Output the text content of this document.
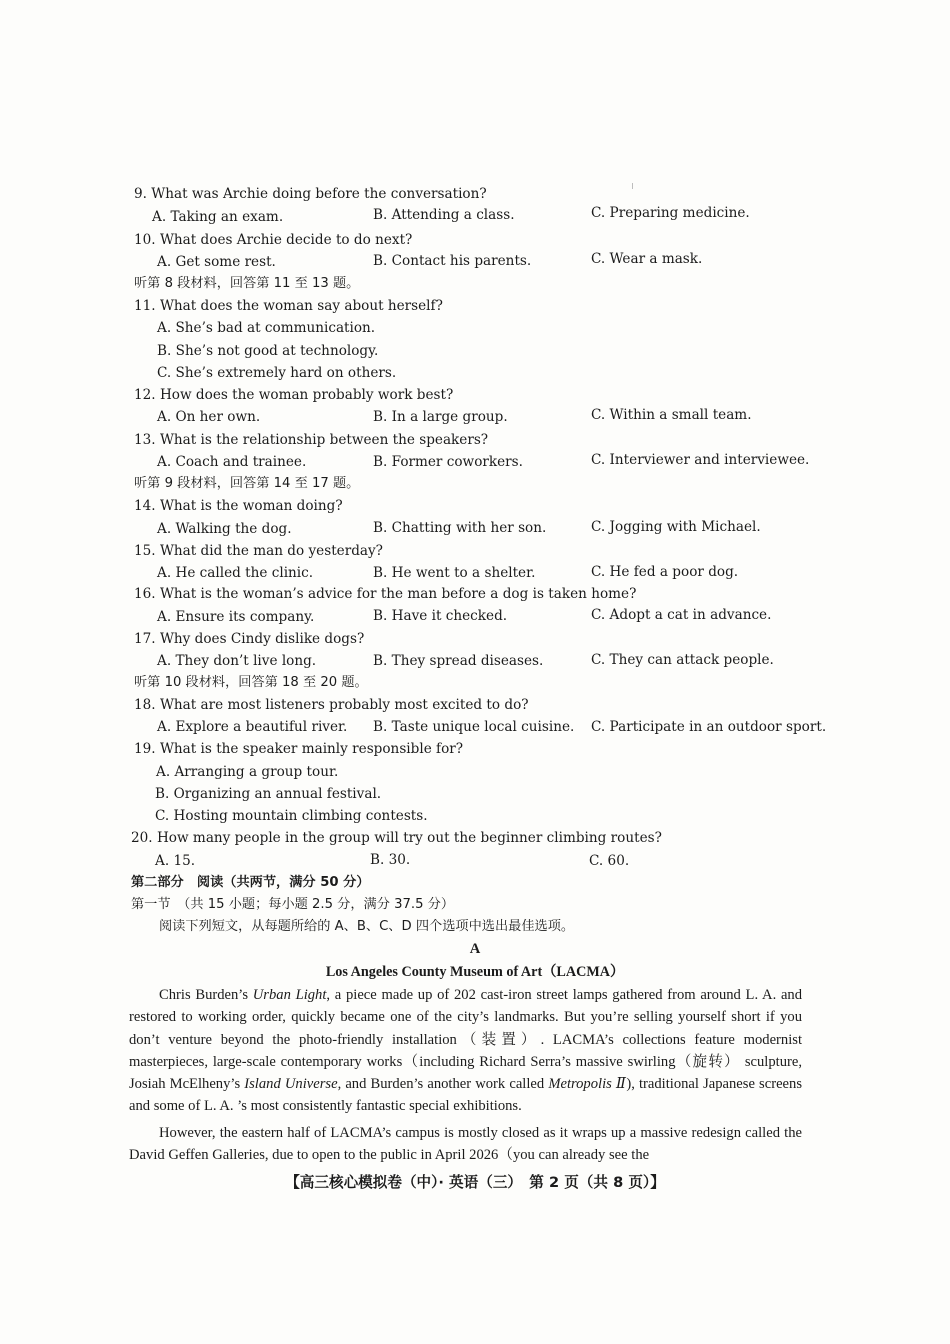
9. What was Archie doing before the conversation?
A. Taking an exam.	B. Attending a class.	C. Preparing medicine.
10. What does Archie decide to do next?
A. Get some rest.	B. Contact his parents.	C. Wear a mask.
听第 8 段材料，回答第 11 至 13 题。
11. What does the woman say about herself?
A. She’s bad at communication.
B. She’s not good at technology.
C. She’s extremely hard on others.
12. How does the woman probably work best?
A. On her own.	B. In a large group.	C. Within a small team.
13. What is the relationship between the speakers?
A. Coach and trainee.	B. Former coworkers.	C. Interviewer and interviewee.
听第 9 段材料，回答第 14 至 17 题。
14. What is the woman doing?
A. Walking the dog.	B. Chatting with her son.	C. Jogging with Michael.
15. What did the man do yesterday?
A. He called the clinic.	B. He went to a shelter.	C. He fed a poor dog.
16. What is the woman’s advice for the man before a dog is taken home?
A. Ensure its company.	B. Have it checked.	C. Adopt a cat in advance.
17. Why does Cindy dislike dogs?
A. They don’t live long.	B. They spread diseases.	C. They can attack people.
听第 10 段材料，回答第 18 至 20 题。
18. What are most listeners probably most excited to do?
A. Explore a beautiful river. B. Taste unique local cuisine. C. Participate in an outdoor sport.
19. What is the speaker mainly responsible for?
A. Arranging a group tour.
B. Organizing an annual festival.
C. Hosting mountain climbing contests.
20. How many people in the group will try out the beginner climbing routes?
A. 15.	B. 30.	C. 60.
第二部分　阅读（共两节，满分 50 分）
第一节　（共 15 小题；每小题 2.5 分，满分 37.5 分）
阅读下列短文，从每题所给的 A、B、C、D 四个选项中选出最佳选项。
A
Los Angeles County Museum of Art（LACMA）

Chris Burden’s Urban Light, a piece made up of 202 cast-iron street lamps gathered from around L. A. and restored to working order, quickly became one of the city’s landmarks. But you’re selling yourself short if you don’t venture beyond the photo-friendly installation（装置）. LACMA’s collections feature modernist masterpieces, large-scale contemporary works（including Richard Serra’s massive swirling（旋转） sculpture, Josiah McElheny’s Island Universe, and Burden’s another work called Metropolis Ⅱ), traditional Japanese screens and some of L. A. ’s most consistently fantastic special exhibitions.

However, the eastern half of LACMA’s campus is mostly closed as it wraps up a massive redesign called the David Geffen Galleries, due to open to the public in April 2026（you can already see the

【高三核心模拟卷（中）· 英语（三）　第 2 页（共 8 页）】
